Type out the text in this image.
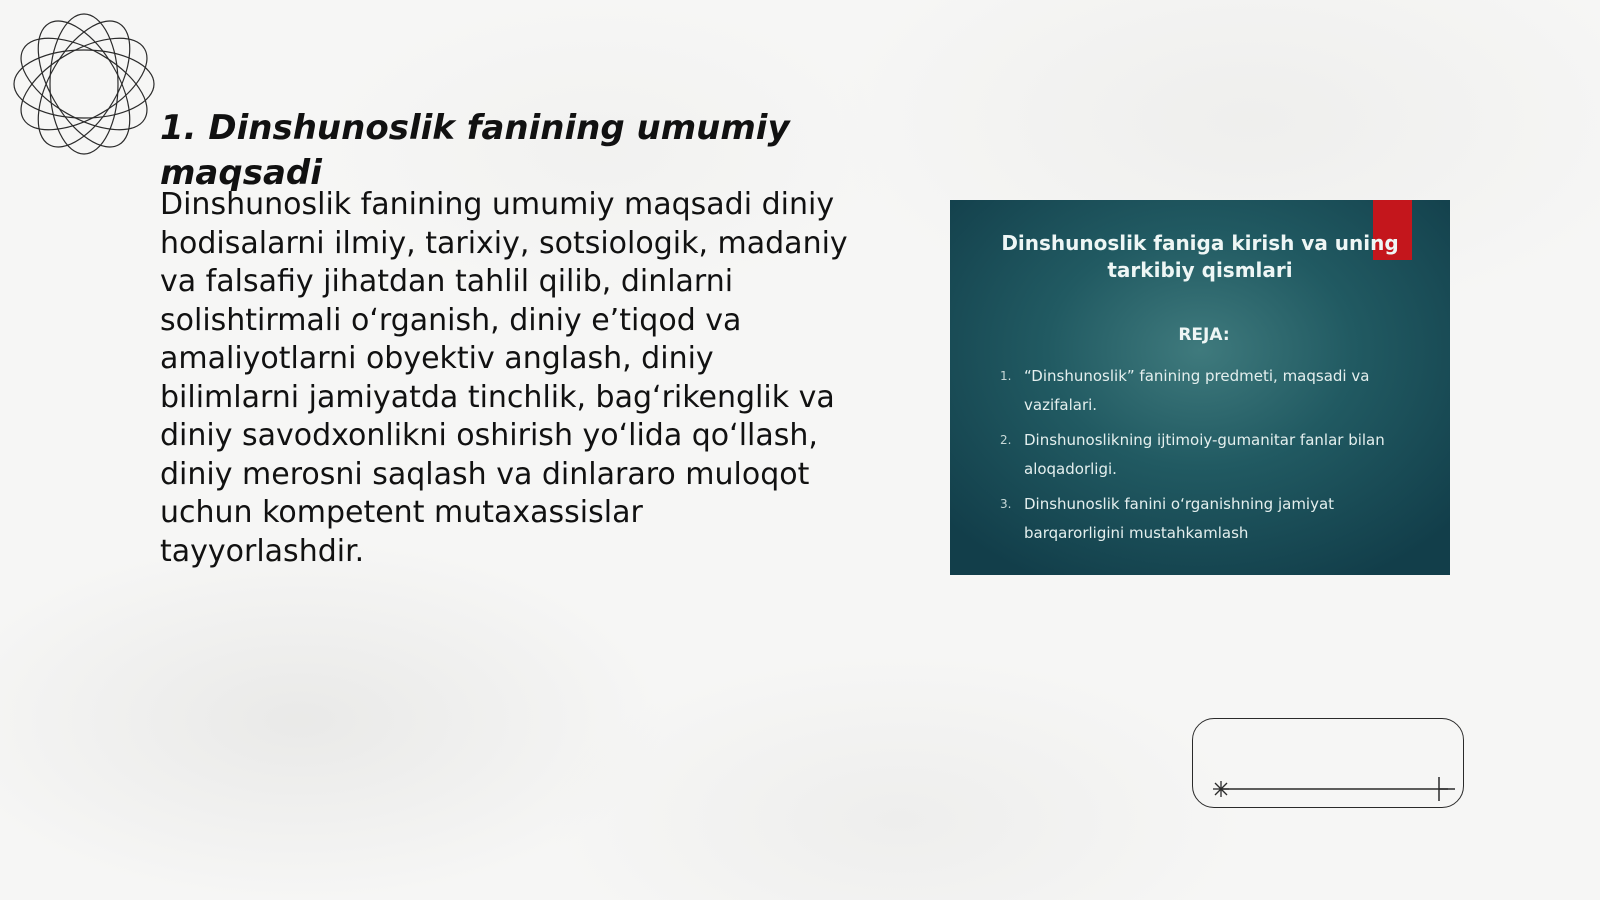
1. Dinshunoslik fanining umumiy maqsadi

Dinshunoslik fanining umumiy maqsadi diniy hodisalarni ilmiy, tarixiy, sotsiologik, madaniy va falsafiy jihatdan tahlil qilib, dinlarni solishtirmali o‘rganish, diniy e’tiqod va amaliyotlarni obyektiv anglash, diniy bilimlarni jamiyatda tinchlik, bag‘rikenglik va diniy savodxonlikni oshirish yo‘lida qo‘llash, diniy merosni saqlash va dinlararo muloqot uchun kompetent mutaxassislar tayyorlashdir.

Dinshunoslik faniga kirish va uning tarkibiy qismlari
REJA:
1. “Dinshunoslik” fanining predmeti, maqsadi va vazifalari.
2. Dinshunoslikning ijtimoiy-gumanitar fanlar bilan aloqadorligi.
3. Dinshunoslik fanini o‘rganishning jamiyat barqarorligini mustahkamlash
